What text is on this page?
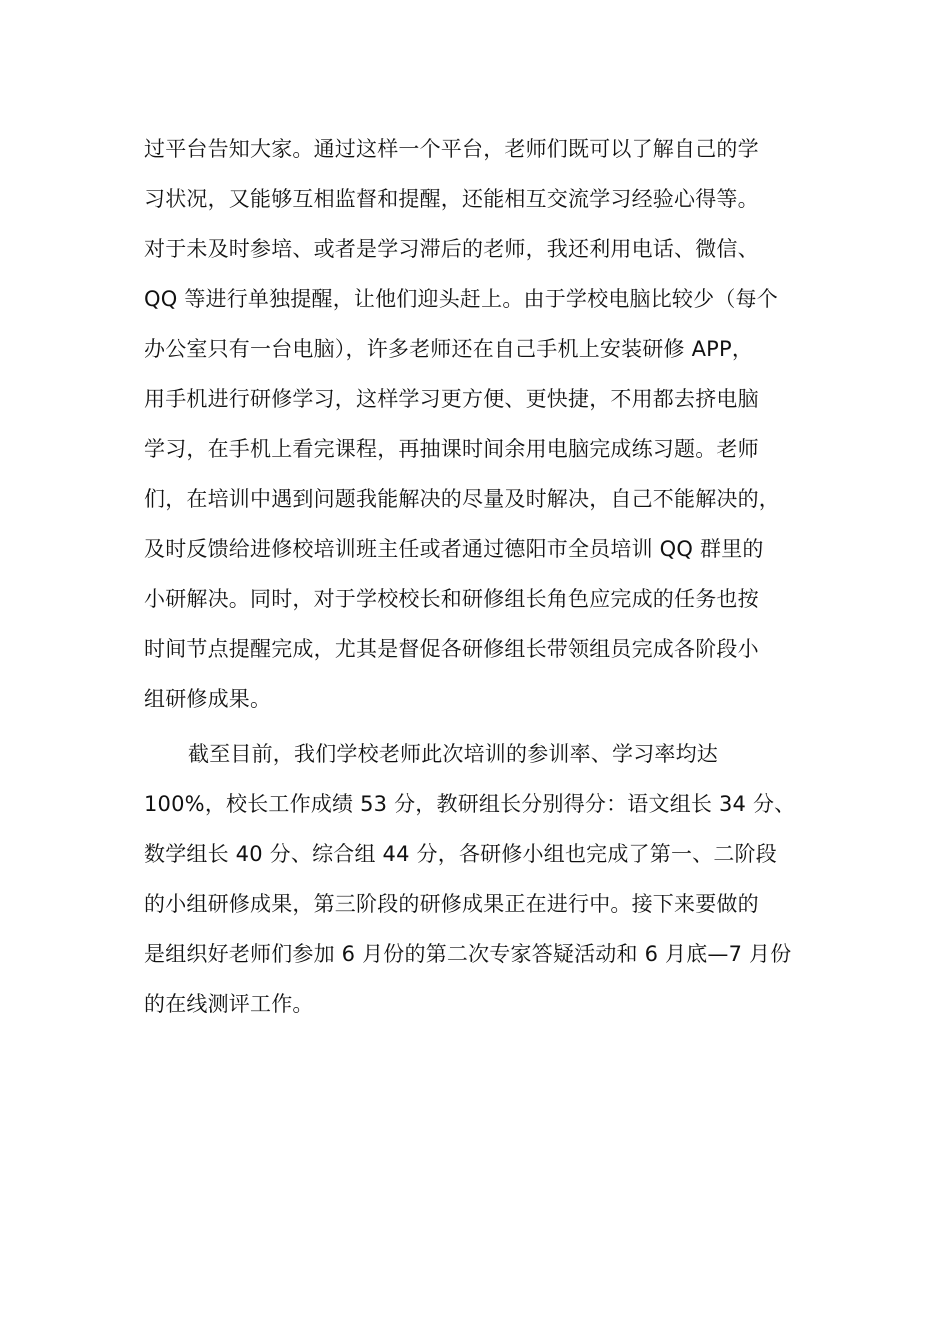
过平台告知大家。通过这样一个平台，老师们既可以了解自己的学
习状况，又能够互相监督和提醒，还能相互交流学习经验心得等。
对于未及时参培、或者是学习滞后的老师，我还利用电话、微信、
QQ 等进行单独提醒，让他们迎头赶上。由于学校电脑比较少（每个
办公室只有一台电脑），许多老师还在自己手机上安装研修 APP，
用手机进行研修学习，这样学习更方便、更快捷，不用都去挤电脑
学习，在手机上看完课程，再抽课时间余用电脑完成练习题。老师
们，在培训中遇到问题我能解决的尽量及时解决，自己不能解决的，
及时反馈给进修校培训班主任或者通过德阳市全员培训 QQ 群里的
小研解决。同时，对于学校校长和研修组长角色应完成的任务也按
时间节点提醒完成，尤其是督促各研修组长带领组员完成各阶段小
组研修成果。
截至目前，我们学校老师此次培训的参训率、学习率均达
100%，校长工作成绩 53 分，教研组长分别得分：语文组长 34 分、
数学组长 40 分、综合组 44 分，各研修小组也完成了第一、二阶段
的小组研修成果，第三阶段的研修成果正在进行中。接下来要做的
是组织好老师们参加 6 月份的第二次专家答疑活动和 6 月底—7 月份
的在线测评工作。
